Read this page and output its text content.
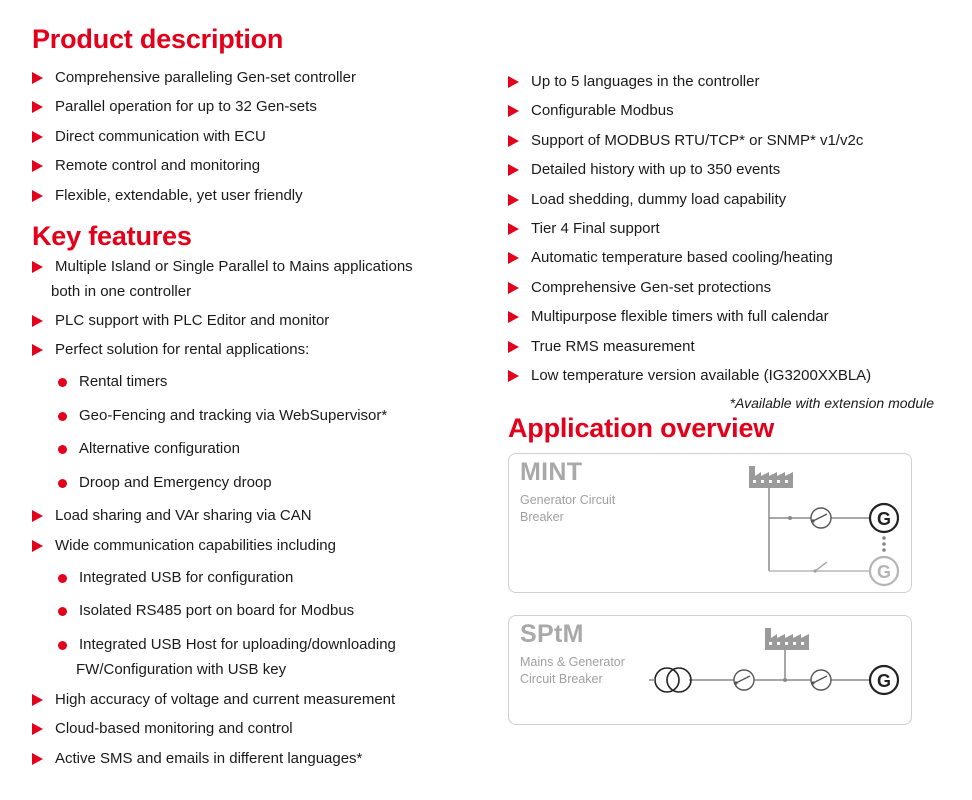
Product description
Comprehensive paralleling Gen-set controller
Parallel operation for up to 32 Gen-sets
Direct communication with ECU
Remote control and monitoring
Flexible, extendable, yet user friendly
Key features
Multiple Island or Single Parallel to Mains applications
both in one controller
PLC support with PLC Editor and monitor
Perfect solution for rental applications:
Rental timers
Geo-Fencing and tracking via WebSupervisor*
Alternative configuration
Droop and Emergency droop
Load sharing and VAr sharing via CAN
Wide communication capabilities including
Integrated USB for configuration
Isolated RS485 port on board for Modbus
Integrated USB Host for uploading/downloading
FW/Configuration with USB key
High accuracy of voltage and current measurement
Cloud-based monitoring and control
Active SMS and emails in different languages*
Up to 5 languages in the controller
Configurable Modbus
Support of MODBUS RTU/TCP* or SNMP* v1/v2c
Detailed history with up to 350 events
Load shedding, dummy load capability
Tier 4 Final support
Automatic temperature based cooling/heating
Comprehensive Gen-set protections
Multipurpose flexible timers with full calendar
True RMS measurement
Low temperature version available (IG3200XXBLA)
*Available with extension module
Application overview
MINT
Generator Circuit
Breaker	G
G
SPtM
Mains & Generator
Circuit Breaker	G
